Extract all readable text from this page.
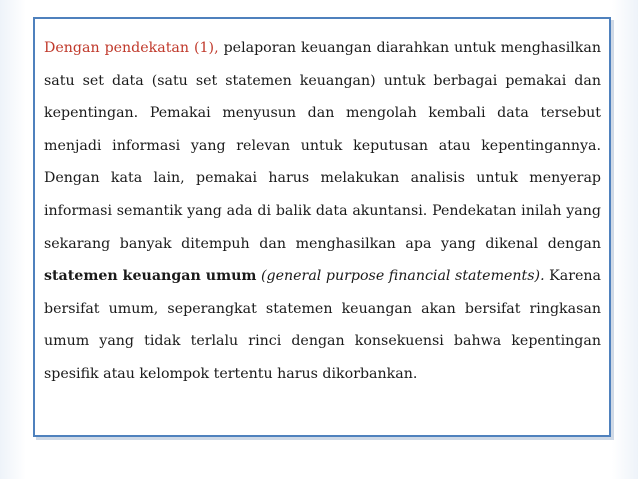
Dengan pendekatan (1), pelaporan keuangan diarahkan untuk menghasilkan satu set data (satu set statemen keuangan) untuk berbagai pemakai dan kepentingan. Pemakai menyusun dan mengolah kembali data tersebut menjadi informasi yang relevan untuk keputusan atau kepentingannya. Dengan kata lain, pemakai harus melakukan analisis untuk menyerap informasi semantik yang ada di balik data akuntansi. Pendekatan inilah yang sekarang banyak ditempuh dan menghasilkan apa yang dikenal dengan statemen keuangan umum (general purpose financial statements). Karena bersifat umum, seperangkat statemen keuangan akan bersifat ringkasan umum yang tidak terlalu rinci dengan konsekuensi bahwa kepentingan spesifik atau kelompok tertentu harus dikorbankan.
